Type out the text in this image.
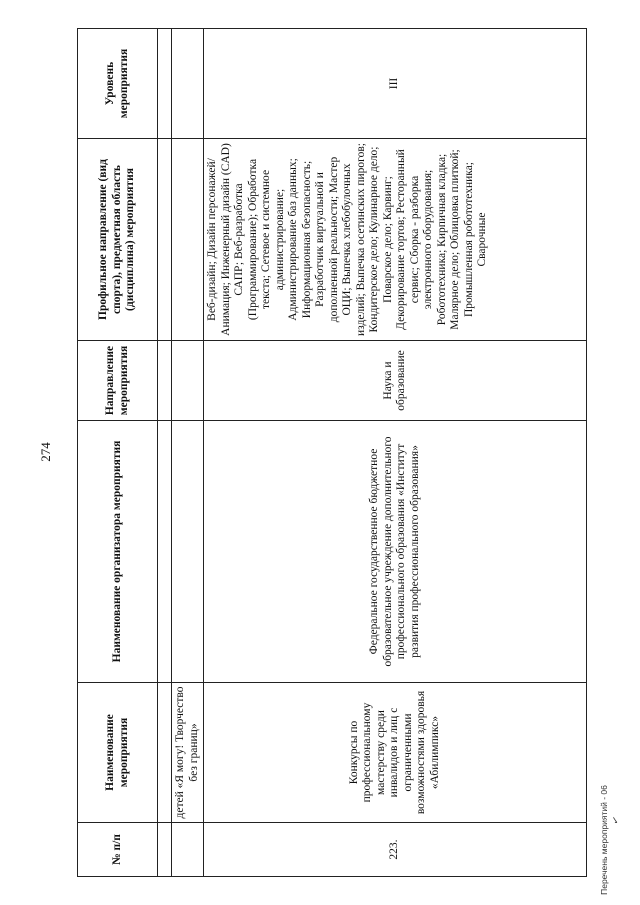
274
№ п/п	Наименование мероприятия	Наименование организатора мероприятия	Направление мероприятия	Профильное направление (вид спорта), предметная область (дисциплина) мероприятия	Уровень мероприятия

	детей «Я могу! Творчество без границ»				
223.	Конкурсы по профессиональному мастерству среди инвалидов и лиц с ограниченными возможностями здоровья «Абилимпикс»	Федеральное государственное бюджетное образовательное учреждение дополнительного профессионального образования «Институт развития профессионального образования»	Наука и образование	Веб-дизайн; Дизайн персонажей/Анимация; Инженерный дизайн (CAD) САПР; Веб-разработка (Программирование); Обработка текста; Сетевое и системное администрирование; Администрирование баз данных; Информационная безопасность; Разработчик виртуальной и дополненной реальности; Мастер ОЦИ; Выпечка хлебобулочных изделий; Выпечка осетинских пирогов; Кондитерское дело; Кулинарное дело; Поварское дело; Карвинг; Декорирование тортов; Ресторанный сервис; Сборка - разборка электронного оборудования; Робототехника; Кирпичная кладка; Малярное дело; Облицовка плиткой; Промышленная робототехника; Сварочные	III
✓
Перечень мероприятий - 06
